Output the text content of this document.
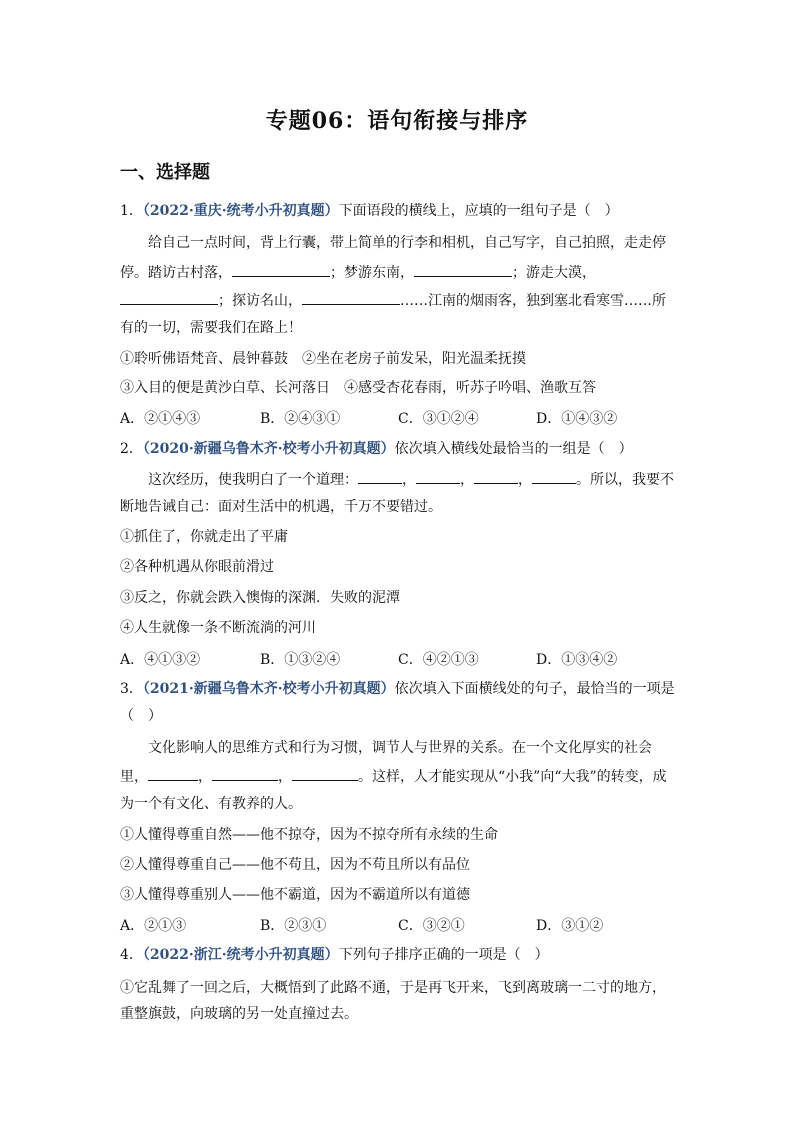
专题06：语句衔接与排序
一、选择题
1．（2022·重庆·统考小升初真题）下面语段的横线上，应填的一组句子是（　）
给自己一点时间，背上行囊，带上简单的行李和相机，自己写字，自己拍照，走走停
停。踏访古村落，	；梦游东南，	；游走大漠，
；探访名山，	……江南的烟雨客，独到塞北看寒雪……所
有的一切，需要我们在路上！
①聆听佛语梵音、晨钟暮鼓　②坐在老房子前发呆，阳光温柔抚摸
③入目的便是黄沙白草、长河落日　④感受杏花春雨，听苏子吟唱、渔歌互答
A．②①④③	B．②④③①	C．③①②④	D．①④③②
2．（2020·新疆乌鲁木齐·校考小升初真题）依次填入横线处最恰当的一组是（　）
这次经历，使我明白了一个道理：	，	，	，	。所以，我要不
断地告诫自己：面对生活中的机遇，千万不要错过。
①抓住了，你就走出了平庸
②各种机遇从你眼前滑过
③反之，你就会跌入懊悔的深渊．失败的泥潭
④人生就像一条不断流淌的河川
A．④①③②	B．①③②④	C．④②①③	D．①③④②
3．（2021·新疆乌鲁木齐·校考小升初真题）依次填入下面横线处的句子，最恰当的一项是
（　）
文化影响人的思维方式和行为习惯，调节人与世界的关系。在一个文化厚实的社会
里，	，	，	。这样，人才能实现从“小我”向“大我”的转变，成
为一个有文化、有教养的人。
①人懂得尊重自然——他不掠夺，因为不掠夺所有永续的生命
②人懂得尊重自己——他不苟且，因为不苟且所以有品位
③人懂得尊重别人——他不霸道，因为不霸道所以有道德
A．②①③	B．②③①	C．③②①	D．③①②
4．（2022·浙江·统考小升初真题）下列句子排序正确的一项是（　）
①它乱舞了一回之后，大概悟到了此路不通，于是再飞开来，飞到离玻璃一二寸的地方，
重整旗鼓，向玻璃的另一处直撞过去。
